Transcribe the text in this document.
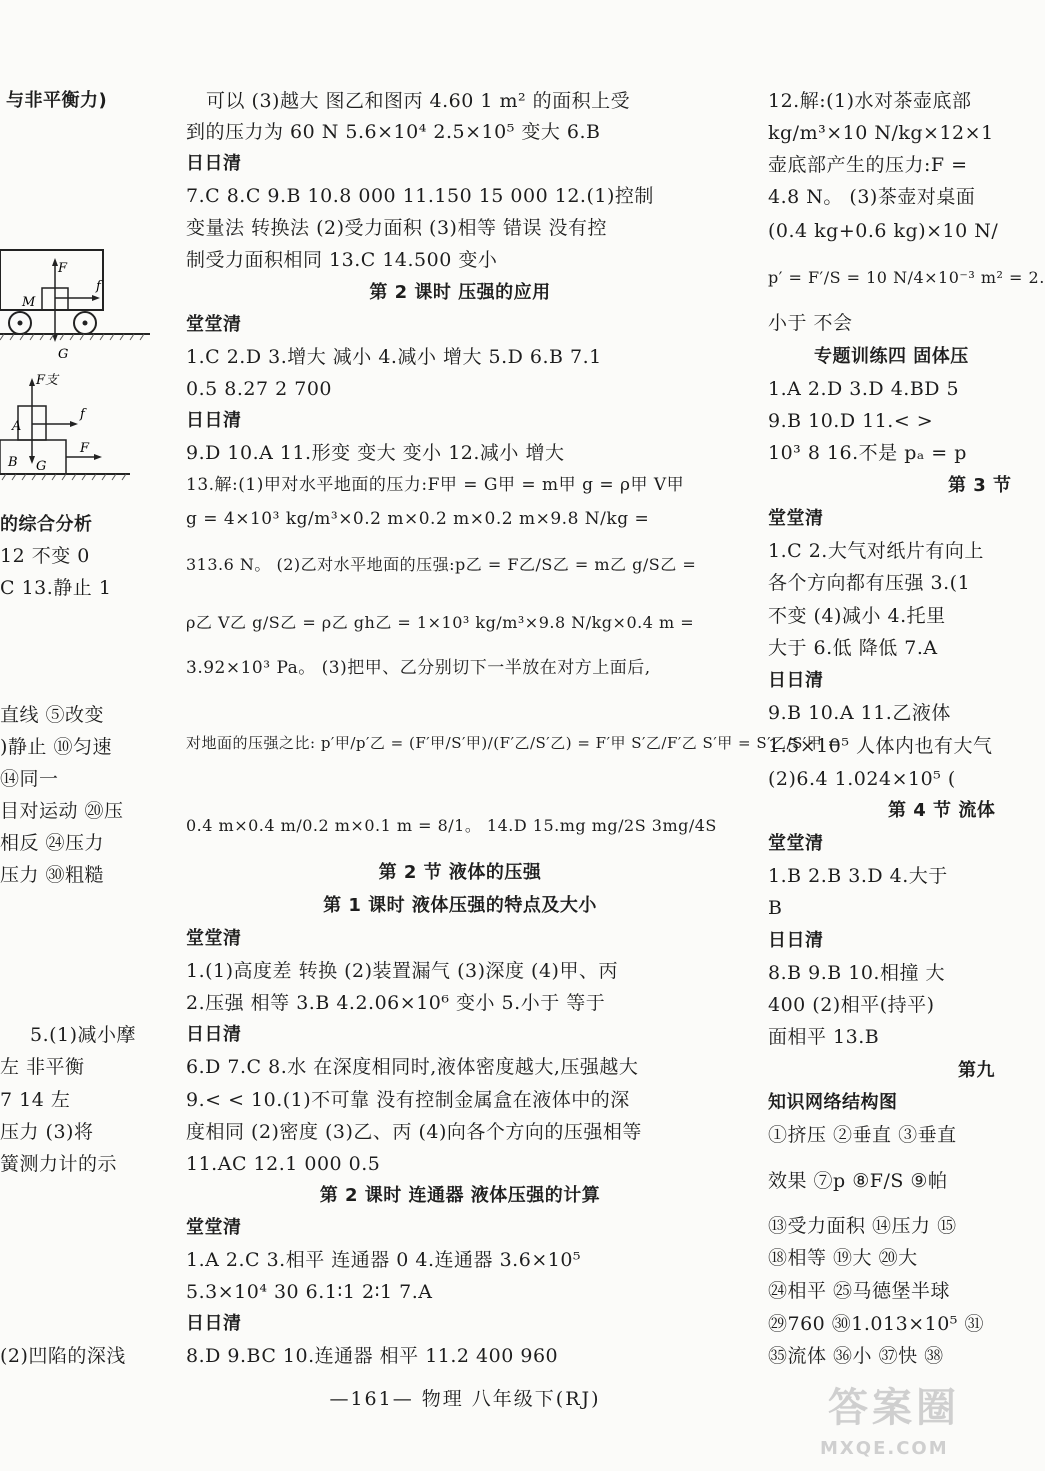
与非平衡力)
F
M
f
G
F支
A
f
F
B G
的综合分析
12 不变 0
C 13.静止 1
直线 ⑤改变
)静止 ⑩匀速
⑭同一
目对运动 ⑳压
相反 ㉔压力
压力 ㉚粗糙
5.(1)减小摩
左 非平衡
7 14 左
压力 (3)将
簧测力计的示
(2)凹陷的深浅
可以 (3)越大 图乙和图丙 4.60 1 m² 的面积上受
到的压力为 60 N 5.6×10⁴ 2.5×10⁵ 变大 6.B
日日清
7.C 8.C 9.B 10.8 000 11.150 15 000 12.(1)控制
变量法 转换法 (2)受力面积 (3)相等 错误 没有控
制受力面积相同 13.C 14.500 变小
第 2 课时 压强的应用
堂堂清
1.C 2.D 3.增大 减小 4.减小 增大 5.D 6.B 7.1
0.5 8.27 2 700
日日清
9.D 10.A 11.形变 变大 变小 12.减小 增大
13.解:(1)甲对水平地面的压力:F甲 = G甲 = m甲 g = ρ甲 V甲
g = 4×10³ kg/m³×0.2 m×0.2 m×0.2 m×9.8 N/kg =
313.6 N。 (2)乙对水平地面的压强:p乙 = F乙/S乙 = m乙 g/S乙 =
ρ乙 V乙 g/S乙 = ρ乙 gh乙 = 1×10³ kg/m³×9.8 N/kg×0.4 m =
3.92×10³ Pa。 (3)把甲、乙分别切下一半放在对方上面后,
对地面的压强之比: p′甲/p′乙 = (F′甲/S′甲)/(F′乙/S′乙) = F′甲 S′乙/F′乙 S′甲 = S′乙/S′甲 =
0.4 m×0.4 m/0.2 m×0.1 m = 8/1。 14.D 15.mg mg/2S 3mg/4S
第 2 节 液体的压强
第 1 课时 液体压强的特点及大小
堂堂清
1.(1)高度差 转换 (2)装置漏气 (3)深度 (4)甲、丙
2.压强 相等 3.B 4.2.06×10⁶ 变小 5.小于 等于
日日清
6.D 7.C 8.水 在深度相同时,液体密度越大,压强越大
9.< < 10.(1)不可靠 没有控制金属盒在液体中的深
度相同 (2)密度 (3)乙、丙 (4)向各个方向的压强相等
11.AC 12.1 000 0.5
第 2 课时 连通器 液体压强的计算
堂堂清
1.A 2.C 3.相平 连通器 0 4.连通器 3.6×10⁵
5.3×10⁴ 30 6.1∶1 2∶1 7.A
日日清
8.D 9.BC 10.连通器 相平 11.2 400 960
12.解:(1)水对茶壶底部
kg/m³×10 N/kg×12×1
壶底部产生的压力:F =
4.8 N。 (3)茶壶对桌面
(0.4 kg+0.6 kg)×10 N/
p′ = F′/S = 10 N/4×10⁻³ m² = 2.
小于 不会
专题训练四 固体压
1.A 2.D 3.D 4.BD 5
9.B 10.D 11.< >
10³ 8 16.不是 pₐ = p
第 3 节
堂堂清
1.C 2.大气对纸片有向上
各个方向都有压强 3.(1
不变 (4)减小 4.托里
大于 6.低 降低 7.A
日日清
9.B 10.A 11.乙液体
1.5×10⁵ 人体内也有大气
(2)6.4 1.024×10⁵ (
第 4 节 流体
堂堂清
1.B 2.B 3.D 4.大于
B
日日清
8.B 9.B 10.相撞 大
400 (2)相平(持平)
面相平 13.B
第九
知识网络结构图
①挤压 ②垂直 ③垂直
效果 ⑦p ⑧F/S ⑨帕
⑬受力面积 ⑭压力 ⑮
⑱相等 ⑲大 ⑳大
㉔相平 ㉕马德堡半球
㉙760 ㉚1.013×10⁵ ㉛
㉟流体 ㊱小 ㊲快 ㊳
—161— 物理 八年级下(RJ)	答案圈
MXQE.COM
